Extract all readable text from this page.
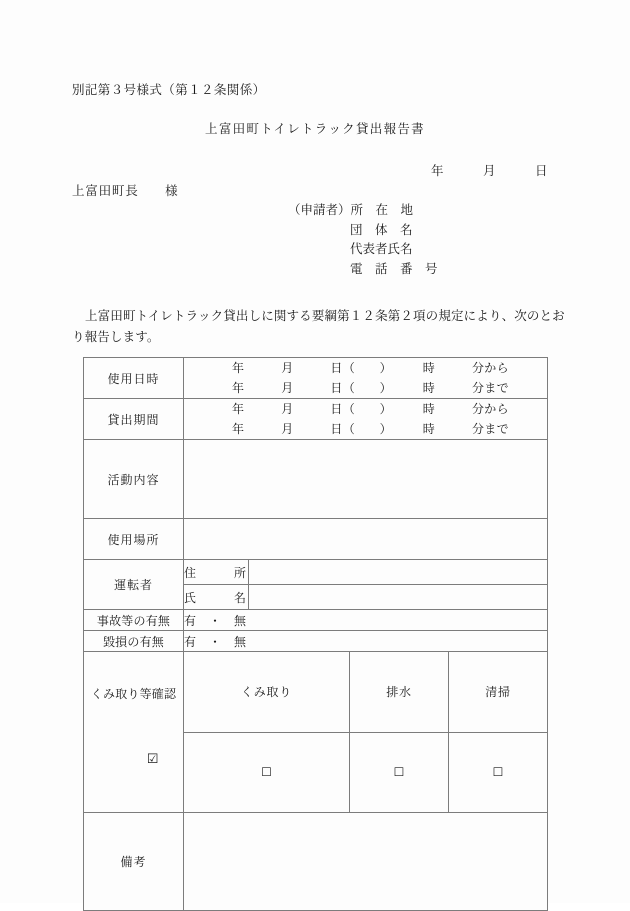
別記第３号様式（第１２条関係）
上富田町トイレトラック貸出報告書
年　　　月　　　日
上富田町長　　様
（申請者）所　在　地
団　体　名
代表者氏名
電　話　番　号
上富田町トイレトラック貸出しに関する要綱第１２条第２項の規定により、次のとお
り報告します。
使用日時	年　　　月　　　日（　　）　　　時　　　分から
年　　　月　　　日（　　）　　　時　　　分まで			

貸出期間	年　　　月　　　日（　　）　　　時　　　分から
年　　　月　　　日（　　）　　　時　　　分まで			

活動内容				
使用場所				
運転者	住　　　所			
	氏　　　名			
事故等の有無	有　・　無			
毀損の有無	有　・　無			

くみ取り等確認

☑	くみ取り		排水	清掃
	☐		☐	☐
備考				
